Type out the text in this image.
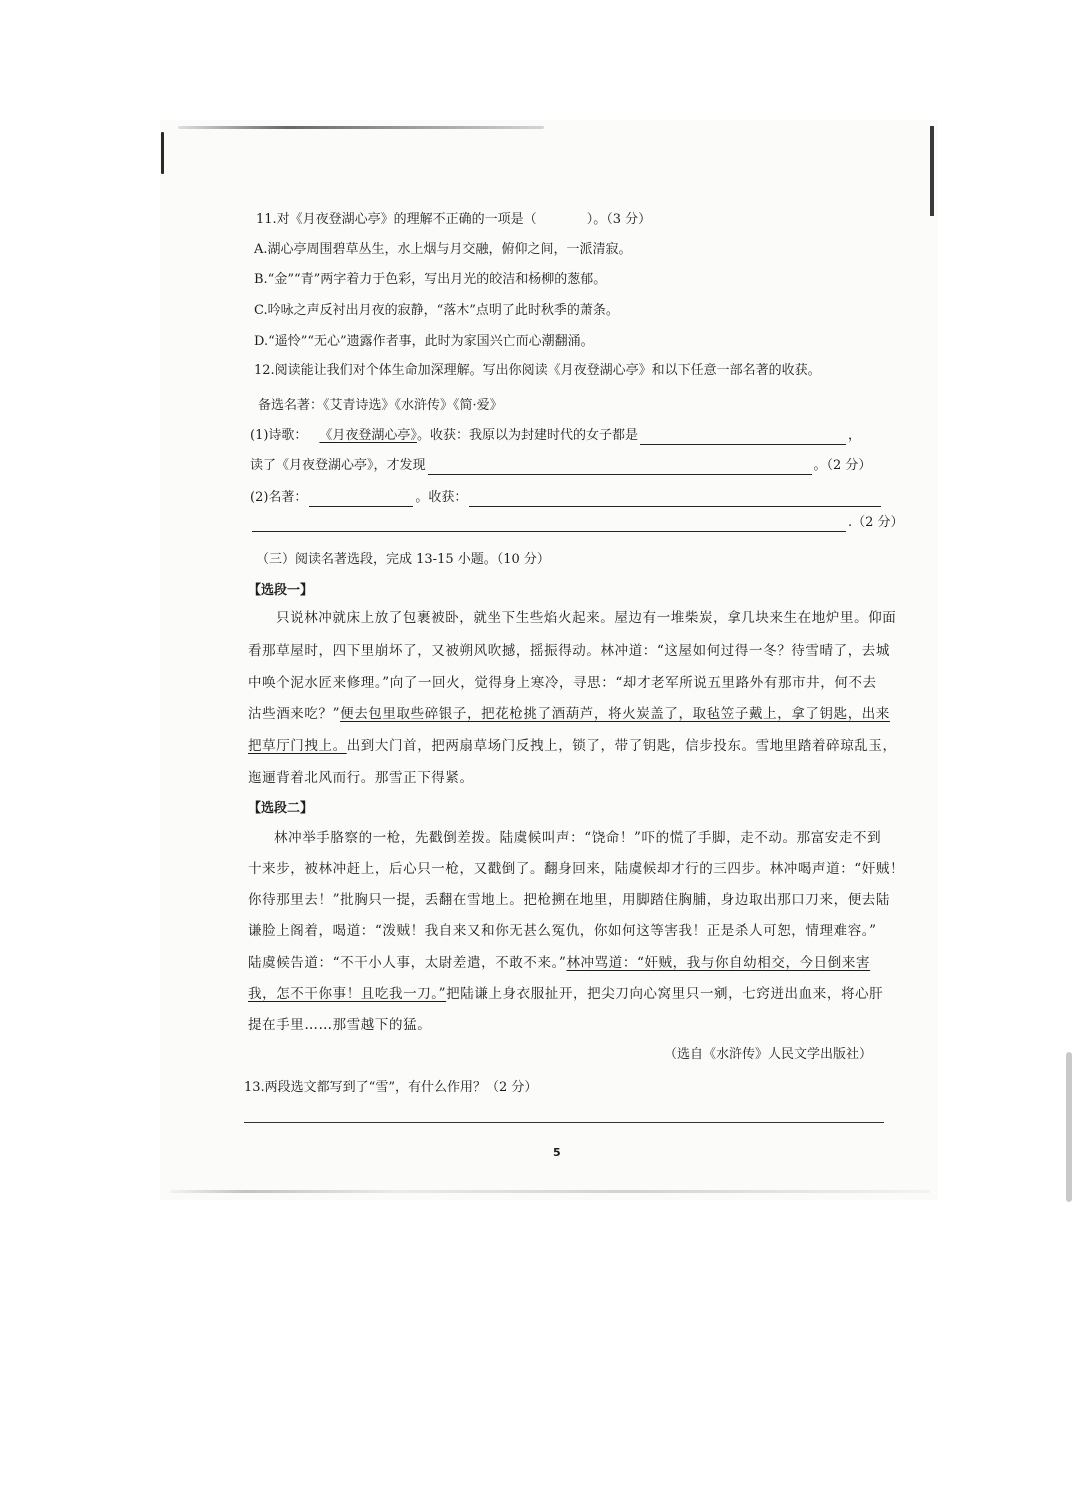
11.对《月夜登湖心亭》的理解不正确的一项是（	）。（3 分）
A.湖心亭周围碧草丛生，水上烟与月交融，俯仰之间，一派清寂。
B.“金”“青”两字着力于色彩，写出月光的皎洁和杨柳的葱郁。
C.吟咏之声反衬出月夜的寂静，“落木”点明了此时秋季的萧条。
D.“遥怜”“无心”遗露作者事，此时为家国兴亡而心潮翻涌。
12.阅读能让我们对个体生命加深理解。写出你阅读《月夜登湖心亭》和以下任意一部名著的收获。
备选名著：《艾青诗选》《水浒传》《简·爱》
(1)诗歌： 《月夜登湖心亭》。收获：我原以为封建时代的女子都是	，
读了《月夜登湖心亭》，才发现	。（2 分）
(2)名著：	。收获：
.（2 分）
（三）阅读名著选段，完成 13-15 小题。（10 分）
【选段一】
只说林冲就床上放了包裹被卧，就坐下生些焰火起来。屋边有一堆柴炭，拿几块来生在地炉里。仰面
看那草屋时，四下里崩坏了，又被朔风吹撼，摇振得动。林冲道：“这屋如何过得一冬？待雪晴了，去城
中唤个泥水匠来修理。”向了一回火，觉得身上寒冷，寻思：“却才老军所说五里路外有那市井，何不去
沽些酒来吃？”便去包里取些碎银子，把花枪挑了酒葫芦，将火炭盖了，取毡笠子戴上，拿了钥匙，出来
把草厅门拽上。出到大门首，把两扇草场门反拽上，锁了，带了钥匙，信步投东。雪地里踏着碎琼乱玉，
迤逦背着北风而行。那雪正下得紧。
【选段二】
林冲举手胳察的一枪，先戳倒差拨。陆虞候叫声：“饶命！”吓的慌了手脚，走不动。那富安走不到
十来步，被林冲赶上，后心只一枪，又戳倒了。翻身回来，陆虞候却才行的三四步。林冲喝声道：“奸贼！
你待那里去！”批胸只一提，丢翻在雪地上。把枪搠在地里，用脚踏住胸脯，身边取出那口刀来，便去陆
谦脸上阁着，喝道：“泼贼！我自来又和你无甚么冤仇，你如何这等害我！正是杀人可恕，情理难容。”
陆虞候告道：“不干小人事，太尉差遣，不敢不来。”林冲骂道：“奸贼，我与你自幼相交，今日倒来害
我，怎不干你事！且吃我一刀。”把陆谦上身衣服扯开，把尖刀向心窝里只一剜，七窍迸出血来，将心肝
提在手里……那雪越下的猛。
（选自《水浒传》人民文学出版社）
13.两段选文都写到了“雪”，有什么作用？（2 分）
5
